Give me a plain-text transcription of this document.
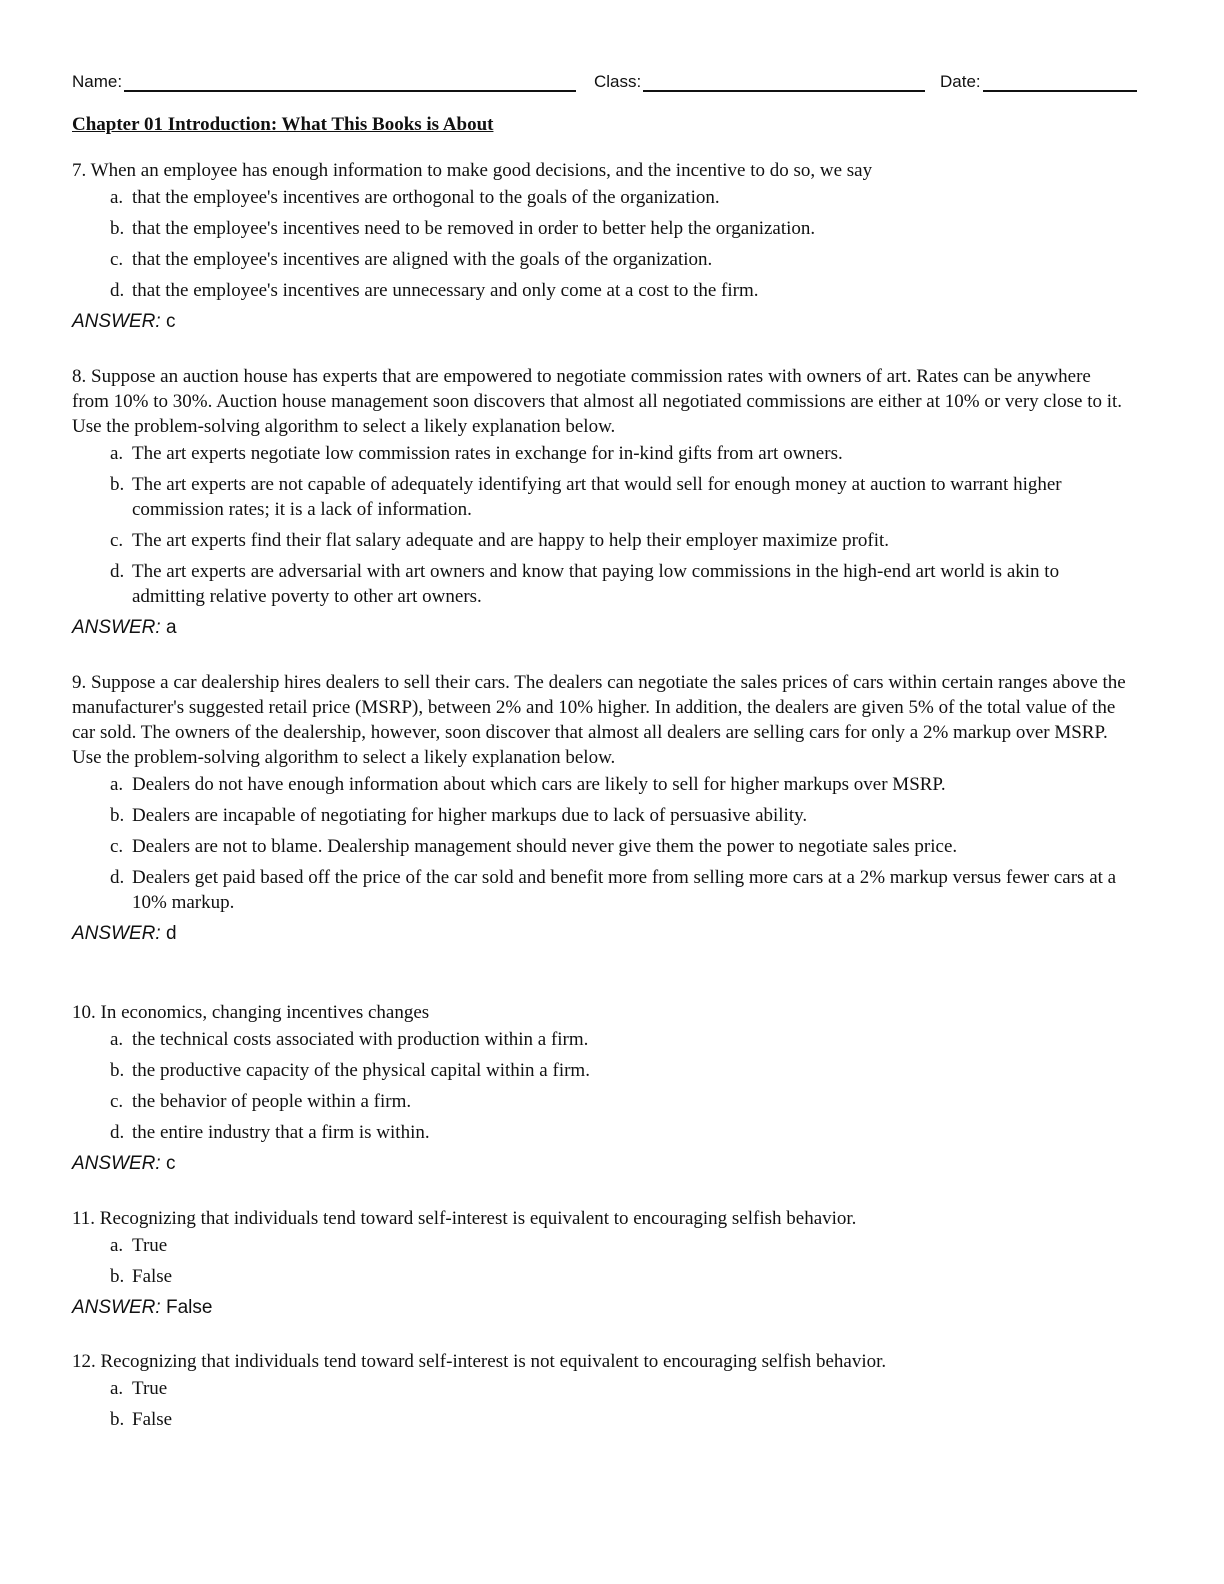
Name:	Class:	Date:
Chapter 01 Introduction: What This Books is About

7. When an employee has enough information to make good decisions, and the incentive to do so, we say

a. that the employee's incentives are orthogonal to the goals of the organization.
b. that the employee's incentives need to be removed in order to better help the organization.
c. that the employee's incentives are aligned with the goals of the organization.
d. that the employee's incentives are unnecessary and only come at a cost to the firm.
ANSWER: c

8. Suppose an auction house has experts that are empowered to negotiate commission rates with owners of art. Rates can be anywhere from 10% to 30%. Auction house management soon discovers that almost all negotiated commissions are either at 10% or very close to it. Use the problem-solving algorithm to select a likely explanation below.

a. The art experts negotiate low commission rates in exchange for in-kind gifts from art owners.
b. The art experts are not capable of adequately identifying art that would sell for enough money at auction to warrant higher commission rates; it is a lack of information.
c. The art experts find their flat salary adequate and are happy to help their employer maximize profit.
d. The art experts are adversarial with art owners and know that paying low commissions in the high-end art world is akin to admitting relative poverty to other art owners.
ANSWER: a

9. Suppose a car dealership hires dealers to sell their cars. The dealers can negotiate the sales prices of cars within certain ranges above the manufacturer's suggested retail price (MSRP), between 2% and 10% higher. In addition, the dealers are given 5% of the total value of the car sold. The owners of the dealership, however, soon discover that almost all dealers are selling cars for only a 2% markup over MSRP. Use the problem-solving algorithm to select a likely explanation below.

a. Dealers do not have enough information about which cars are likely to sell for higher markups over MSRP.
b. Dealers are incapable of negotiating for higher markups due to lack of persuasive ability.
c. Dealers are not to blame. Dealership management should never give them the power to negotiate sales price.
d. Dealers get paid based off the price of the car sold and benefit more from selling more cars at a 2% markup versus fewer cars at a 10% markup.
ANSWER: d

10. In economics, changing incentives changes

a. the technical costs associated with production within a firm.
b. the productive capacity of the physical capital within a firm.
c. the behavior of people within a firm.
d. the entire industry that a firm is within.
ANSWER: c

11. Recognizing that individuals tend toward self-interest is equivalent to encouraging selfish behavior.

a. True
b. False
ANSWER: False

12. Recognizing that individuals tend toward self-interest is not equivalent to encouraging selfish behavior.

a. True
b. False
